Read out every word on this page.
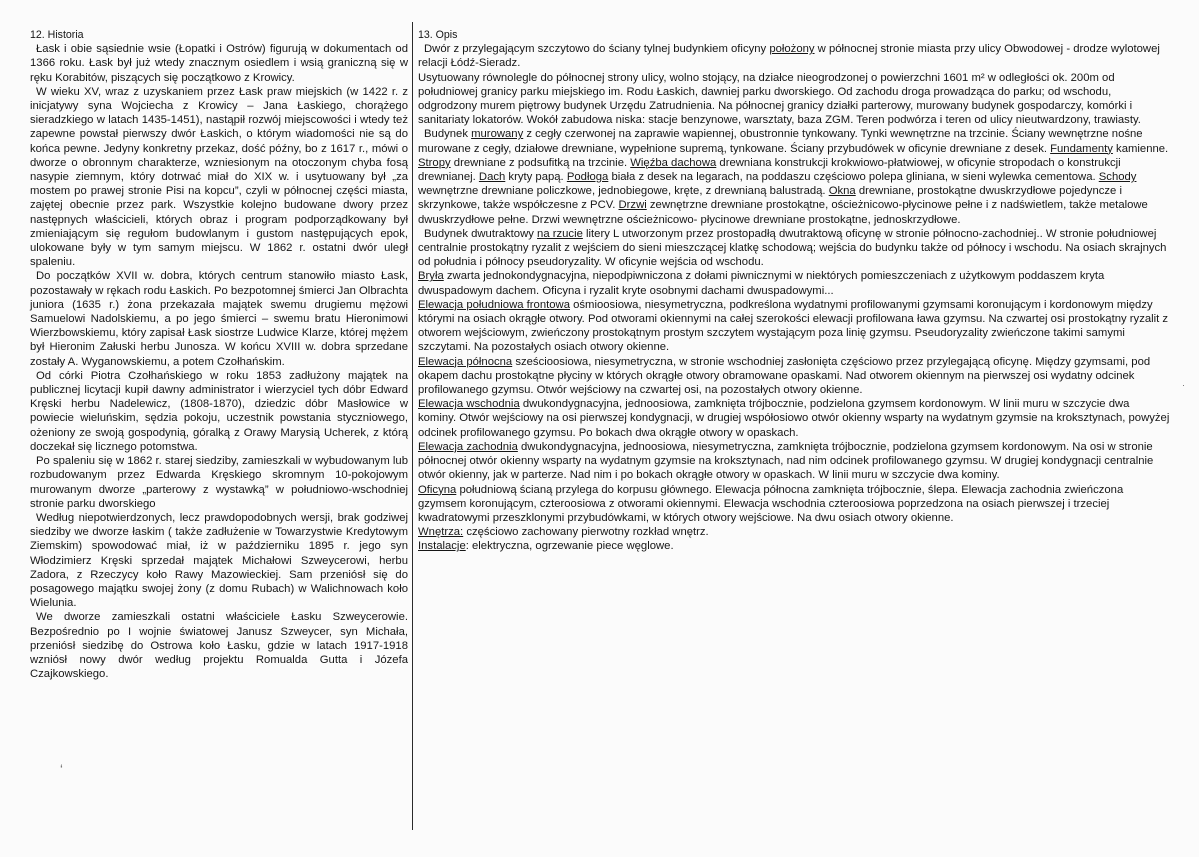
12. Historia

Łask i obie sąsiednie wsie (Łopatki i Ostrów) figurują w dokumentach od 1366 roku. Łask był już wtedy znacznym osiedlem i wsią graniczną się w ręku Korabitów, piszących się początkowo z Krowicy.

W wieku XV, wraz z uzyskaniem przez Łask praw miejskich (w 1422 r. z inicjatywy syna Wojciecha z Krowicy – Jana Łaskiego, chorążego sieradzkiego w latach 1435-1451), nastąpił rozwój miejscowości i wtedy też zapewne powstał pierwszy dwór Łaskich, o którym wiadomości nie są do końca pewne. Jedyny konkretny przekaz, dość późny, bo z 1617 r., mówi o dworze o obronnym charakterze, wzniesionym na otoczonym chyba fosą nasypie ziemnym, który dotrwać miał do XIX w. i usytuowany był „za mostem po prawej stronie Pisi na kopcu”, czyli w północnej części miasta, zajętej obecnie przez park. Wszystkie kolejno budowane dwory przez następnych właścicieli, których obraz i program podporządkowany był zmieniającym się regułom budowlanym i gustom następujących epok, ulokowane były w tym samym miejscu. W 1862 r. ostatni dwór uległ spaleniu.

Do początków XVII w. dobra, których centrum stanowiło miasto Łask, pozostawały w rękach rodu Łaskich. Po bezpotomnej śmierci Jan Olbrachta juniora (1635 r.) żona przekazała majątek swemu drugiemu mężowi Samuelowi Nadolskiemu, a po jego śmierci – swemu bratu Hieronimowi Wierzbowskiemu, który zapisał Łask siostrze Ludwice Klarze, której mężem był Hieronim Załuski herbu Junosza. W końcu XVIII w. dobra sprzedane zostały A. Wyganowskiemu, a potem Czołhańskim.

Od córki Piotra Czołhańskiego w roku 1853 zadłużony majątek na publicznej licytacji kupił dawny administrator i wierzyciel tych dóbr Edward Kręski herbu Nadelewicz, (1808-1870), dziedzic dóbr Masłowice w powiecie wieluńskim, sędzia pokoju, uczestnik powstania styczniowego, ożeniony ze swoją gospodynią, góralką z Orawy Marysią Ucherek, z którą doczekał się licznego potomstwa.

Po spaleniu się w 1862 r. starej siedziby, zamieszkali w wybudowanym lub rozbudowanym przez Edwarda Kręskiego skromnym 10-pokojowym murowanym dworze „parterowy z wystawką” w południowo-wschodniej stronie parku dworskiego

Według niepotwierdzonych, lecz prawdopodobnych wersji, brak godziwej siedziby we dworze łaskim ( także zadłużenie w Towarzystwie Kredytowym Ziemskim) spowodować miał, iż w październiku 1895 r. jego syn Włodzimierz Kręski sprzedał majątek Michałowi Szweycerowi, herbu Zadora, z Rzeczycy koło Rawy Mazowieckiej. Sam przeniósł się do posagowego majątku swojej żony (z domu Rubach) w Walichnowach koło Wielunia.

We dworze zamieszkali ostatni właściciele Łasku Szweycerowie. Bezpośrednio po I wojnie światowej Janusz Szweycer, syn Michała, przeniósł siedzibę do Ostrowa koło Łasku, gdzie w latach 1917-1918 wzniósł nowy dwór według projektu Romualda Gutta i Józefa Czajkowskiego.

13. Opis

Dwór z przylegającym szczytowo do ściany tylnej budynkiem oficyny położony w północnej stronie miasta przy ulicy Obwodowej - drodze wylotowej relacji Łódź-Sieradz.

Usytuowany równolegle do północnej strony ulicy, wolno stojący, na działce nieogrodzonej o powierzchni 1601 m² w odległości ok. 200m od południowej granicy parku miejskiego im. Rodu Łaskich, dawniej parku dworskiego. Od zachodu droga prowadząca do parku; od wschodu, odgrodzony murem piętrowy budynek Urzędu Zatrudnienia. Na północnej granicy działki parterowy, murowany budynek gospodarczy, komórki i sanitariaty lokatorów. Wokół zabudowa niska: stacje benzynowe, warsztaty, baza ZGM. Teren podwórza i teren od ulicy nieutwardzony, trawiasty.

Budynek murowany z cegły czerwonej na zaprawie wapiennej, obustronnie tynkowany. Tynki wewnętrzne na trzcinie. Ściany wewnętrzne nośne murowane z cegły, działowe drewniane, wypełnione supremą, tynkowane. Ściany przybudówek w oficynie drewniane z desek. Fundamenty kamienne. Stropy drewniane z podsufitką na trzcinie. Więźba dachowa drewniana konstrukcji krokwiowo-płatwiowej, w oficynie stropodach o konstrukcji drewnianej. Dach kryty papą. Podłoga biała z desek na legarach, na poddaszu częściowo polepa gliniana, w sieni wylewka cementowa. Schody wewnętrzne drewniane policzkowe, jednobiegowe, kręte, z drewnianą balustradą. Okna drewniane, prostokątne dwuskrzydłowe pojedyncze i skrzynkowe, także współczesne z PCV. Drzwi zewnętrzne drewniane prostokątne, ościeżnicowo-płycinowe pełne i z nadświetlem, także metalowe dwuskrzydłowe pełne. Drzwi wewnętrzne ościeżnicowo- płycinowe drewniane prostokątne, jednoskrzydłowe.

Budynek dwutraktowy na rzucie litery L utworzonym przez prostopadłą dwutraktową oficynę w stronie północno-zachodniej.. W stronie południowej centralnie prostokątny ryzalit z wejściem do sieni mieszczącej klatkę schodową; wejścia do budynku także od północy i wschodu. Na osiach skrajnych od południa i północy pseudoryzality. W oficynie wejścia od wschodu.

Bryła zwarta jednokondygnacyjna, niepodpiwniczona z dołami piwnicznymi w niektórych pomieszczeniach z użytkowym poddaszem kryta dwuspadowym dachem. Oficyna i ryzalit kryte osobnymi dachami dwuspadowymi...

Elewacja południowa frontowa ośmioosiowa, niesymetryczna, podkreślona wydatnymi profilowanymi gzymsami koronującym i kordonowym między którymi na osiach okrągłe otwory. Pod otworami okiennymi na całej szerokości elewacji profilowana ława gzymsu. Na czwartej osi prostokątny ryzalit z otworem wejściowym, zwieńczony prostokątnym prostym szczytem wystającym poza linię gzymsu. Pseudoryzality zwieńczone takimi samymi szczytami. Na pozostałych osiach otwory okienne.

Elewacja północna sześcioosiowa, niesymetryczna, w stronie wschodniej zasłonięta częściowo przez przylegającą oficynę. Między gzymsami, pod okapem dachu prostokątne płyciny w których okrągłe otwory obramowane opaskami. Nad otworem okiennym na pierwszej osi wydatny odcinek profilowanego gzymsu. Otwór wejściowy na czwartej osi, na pozostałych otwory okienne.

Elewacja wschodnia dwukondygnacyjna, jednoosiowa, zamknięta trójbocznie, podzielona gzymsem kordonowym. W linii muru w szczycie dwa kominy. Otwór wejściowy na osi pierwszej kondygnacji, w drugiej współosiowo otwór okienny wsparty na wydatnym gzymsie na kroksztynach, powyżej odcinek profilowanego gzymsu. Po bokach dwa okrągłe otwory w opaskach.

Elewacja zachodnia dwukondygnacyjna, jednoosiowa, niesymetryczna, zamknięta trójbocznie, podzielona gzymsem kordonowym. Na osi w stronie północnej otwór okienny wsparty na wydatnym gzymsie na kroksztynach, nad nim odcinek profilowanego gzymsu. W drugiej kondygnacji centralnie otwór okienny, jak w parterze. Nad nim i po bokach okrągłe otwory w opaskach. W linii muru w szczycie dwa kominy.

Oficyna południową ścianą przylega do korpusu głównego. Elewacja północna zamknięta trójbocznie, ślepa. Elewacja zachodnia zwieńczona gzymsem koronującym, czteroosiowa z otworami okiennymi. Elewacja wschodnia czteroosiowa poprzedzona na osiach pierwszej i trzeciej kwadratowymi przeszklonymi przybudówkami, w których otwory wejściowe. Na dwu osiach otwory okienne.

Wnętrza: częściowo zachowany pierwotny rozkład wnętrz.

Instalacje: elektryczna, ogrzewanie piece węglowe.

ʻ
·
